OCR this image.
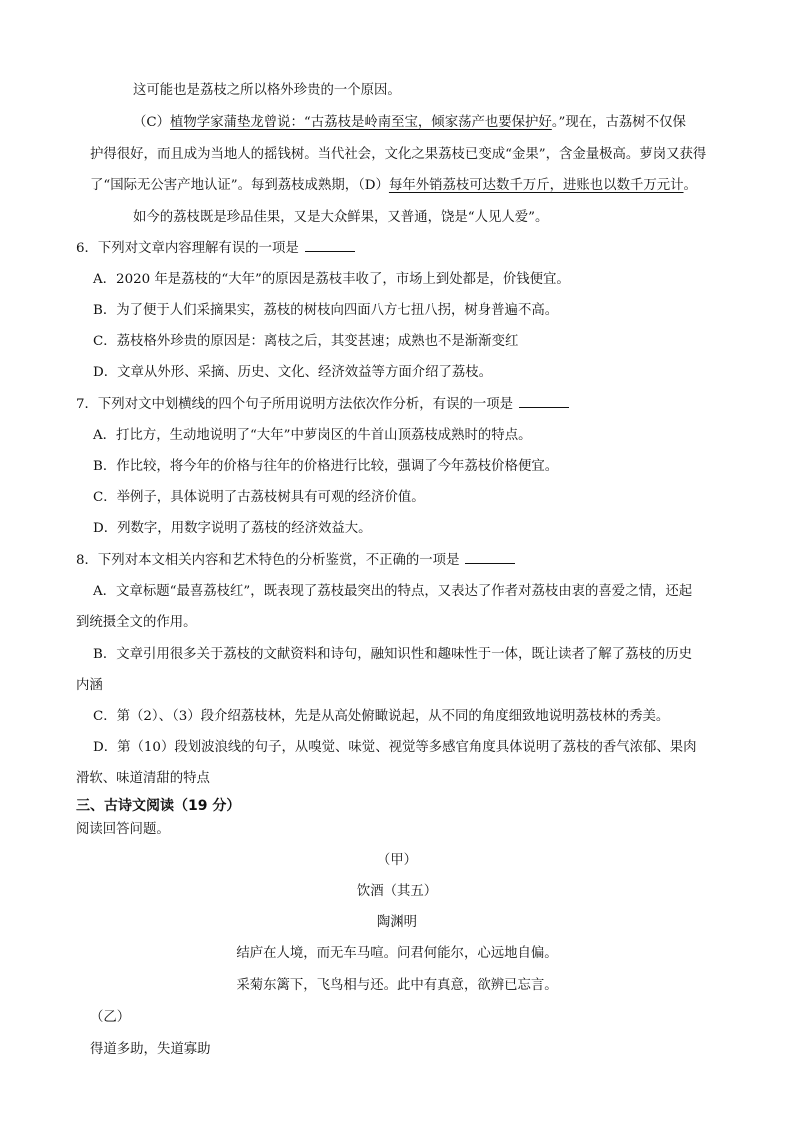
这可能也是荔枝之所以格外珍贵的一个原因。
（C）植物学家蒲垫龙曾说：“古荔枝是岭南至宝，倾家荡产也要保护好。”现在，古荔树不仅保
护得很好，而且成为当地人的摇钱树。当代社会，文化之果荔枝已变成“金果”，含金量极高。萝岗又获得
了“国际无公害产地认证”。每到荔枝成熟期，（D）每年外销荔枝可达数千万斤，进账也以数千万元计。
如今的荔枝既是珍品佳果，又是大众鲜果，又普通，饶是“人见人爱”。
6．下列对文章内容理解有误的一项是
A．2020 年是荔枝的“大年”的原因是荔枝丰收了，市场上到处都是，价钱便宜。
B．为了便于人们采摘果实，荔枝的树枝向四面八方七扭八拐，树身普遍不高。
C．荔枝格外珍贵的原因是：离枝之后，其变甚速；成熟也不是渐渐变红
D．文章从外形、采摘、历史、文化、经济效益等方面介绍了荔枝。
7．下列对文中划横线的四个句子所用说明方法依次作分析，有误的一项是
A．打比方，生动地说明了“大年”中萝岗区的牛首山顶荔枝成熟时的特点。
B．作比较，将今年的价格与往年的价格进行比较，强调了今年荔枝价格便宜。
C．举例子，具体说明了古荔枝树具有可观的经济价值。
D．列数字，用数字说明了荔枝的经济效益大。
8．下列对本文相关内容和艺术特色的分析鉴赏，不正确的一项是
A．文章标题“最喜荔枝红”，既表现了荔枝最突出的特点，又表达了作者对荔枝由衷的喜爱之情，还起
到统摄全文的作用。
B．文章引用很多关于荔枝的文献资料和诗句，融知识性和趣味性于一体，既让读者了解了荔枝的历史
内涵
C．第（2）、（3）段介绍荔枝林，先是从高处俯瞰说起，从不同的角度细致地说明荔枝林的秀美。
D．第（10）段划波浪线的句子，从嗅觉、味觉、视觉等多感官角度具体说明了荔枝的香气浓郁、果肉
滑软、味道清甜的特点
三、古诗文阅读（19 分）
阅读回答问题。
（甲）
饮酒（其五）
陶渊明
结庐在人境，而无车马喧。问君何能尔，心远地自偏。
采菊东篱下，飞鸟相与还。此中有真意，欲辨已忘言。
（乙）
得道多助，失道寡助
